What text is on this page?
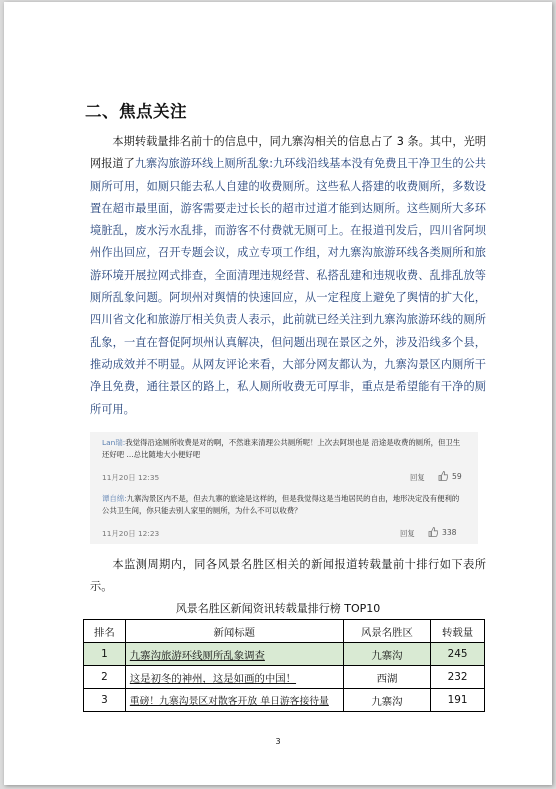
二、焦点关注

本期转载量排名前十的信息中，同九寨沟相关的信息占了 3 条。其中，光明网报道了九寨沟旅游环线上厕所乱象:九环线沿线基本没有免费且干净卫生的公共厕所可用，如厕只能去私人自建的收费厕所。这些私人搭建的收费厕所，多数设置在超市最里面，游客需要走过长长的超市过道才能到达厕所。这些厕所大多环境脏乱，废水污水乱排，而游客不付费就无厕可上。在报道刊发后，四川省阿坝州作出回应，召开专题会议，成立专项工作组，对九寨沟旅游环线各类厕所和旅游环境开展拉网式排查，全面清理违规经营、私搭乱建和违规收费、乱排乱放等厕所乱象问题。阿坝州对舆情的快速回应，从一定程度上避免了舆情的扩大化，四川省文化和旅游厅相关负责人表示，此前就已经关注到九寨沟旅游环线的厕所乱象，一直在督促阿坝州认真解决，但问题出现在景区之外，涉及沿线多个县，推动成效并不明显。从网友评论来看，大部分网友都认为，九寨沟景区内厕所干净且免费，通往景区的路上，私人厕所收费无可厚非，重点是希望能有干净的厕所可用。

Lan瑞:我觉得沿途厕所收费是对的啊，不然谁来清理公共厕所呢！上次去阿坝也是 沿途是收费的厕所，但卫生还好吧 ...总比随地大小便好吧
11月20日 12:35	回复	59
谭自绵:九寨沟景区内不是，但去九寨的旅途是这样的，但是我觉得这是当地居民的自由，地形决定没有便利的公共卫生间，你只能去别人家里的厕所，为什么不可以收费？
11月20日 12:23	回复	338

本监测周期内，同各风景名胜区相关的新闻报道转载量前十排行如下表所示。

风景名胜区新闻资讯转载量排行榜 TOP10
排名	新闻标题	风景名胜区	转载量
1	九寨沟旅游环线厕所乱象调查	九寨沟	245
2	这是初冬的神州，这是如画的中国！	西湖	232
3	重磅！九寨沟景区对散客开放 单日游客接待量	九寨沟	191
3
